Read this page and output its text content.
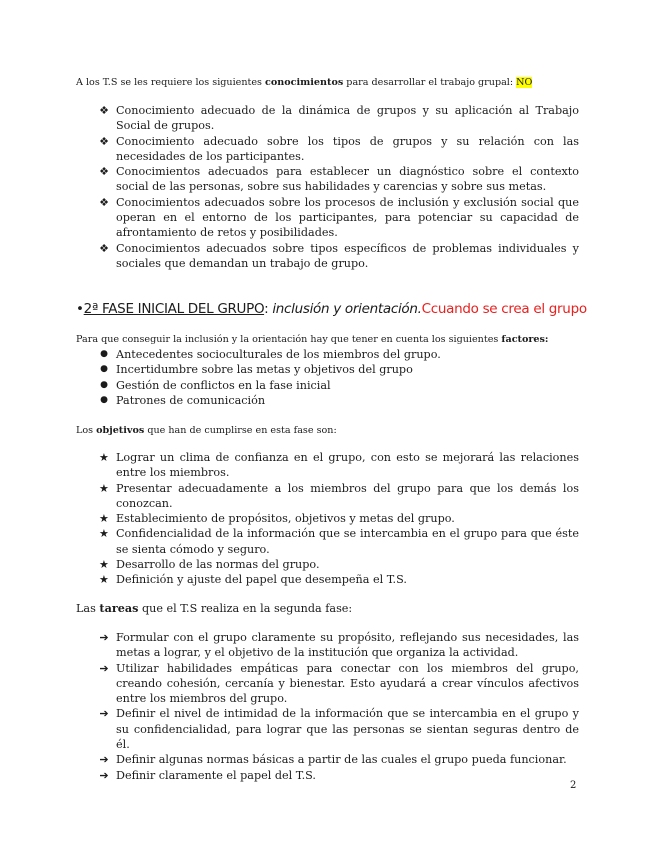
A los T.S se les requiere los siguientes conocimientos para desarrollar el trabajo grupal: NO
❖ Conocimiento adecuado de la dinámica de grupos y su aplicación al Trabajo Social de grupos.
❖ Conocimiento adecuado sobre los tipos de grupos y su relación con las necesidades de los participantes.
❖ Conocimientos adecuados para establecer un diagnóstico sobre el contexto social de las personas, sobre sus habilidades y carencias y sobre sus metas.
❖ Conocimientos adecuados sobre los procesos de inclusión y exclusión social que operan en el entorno de los participantes, para potenciar su capacidad de afrontamiento de retos y posibilidades.
❖ Conocimientos adecuados sobre tipos específicos de problemas individuales y sociales que demandan un trabajo de grupo.
•2ª FASE INICIAL DEL GRUPO: inclusión y orientación.Ccuando se crea el grupo
Para que conseguir la inclusión y la orientación hay que tener en cuenta los siguientes factores:
● Antecedentes socioculturales de los miembros del grupo.
● Incertidumbre sobre las metas y objetivos del grupo
● Gestión de conflictos en la fase inicial
● Patrones de comunicación
Los objetivos que han de cumplirse en esta fase son:
★ Lograr un clima de confianza en el grupo, con esto se mejorará las relaciones entre los miembros.
★ Presentar adecuadamente a los miembros del grupo para que los demás los conozcan.
★ Establecimiento de propósitos, objetivos y metas del grupo.
★ Confidencialidad de la información que se intercambia en el grupo para que éste se sienta cómodo y seguro.
★ Desarrollo de las normas del grupo.
★ Definición y ajuste del papel que desempeña el T.S.
Las tareas que el T.S realiza en la segunda fase:
➔ Formular con el grupo claramente su propósito, reflejando sus necesidades, las metas a lograr, y el objetivo de la institución que organiza la actividad.
➔ Utilizar habilidades empáticas para conectar con los miembros del grupo, creando cohesión, cercanía y bienestar. Esto ayudará a crear vínculos afectivos entre los miembros del grupo.
➔ Definir el nivel de intimidad de la información que se intercambia en el grupo y su confidencialidad, para lograr que las personas se sientan seguras dentro de él.
➔ Definir algunas normas básicas a partir de las cuales el grupo pueda funcionar.
➔ Definir claramente el papel del T.S.
2
